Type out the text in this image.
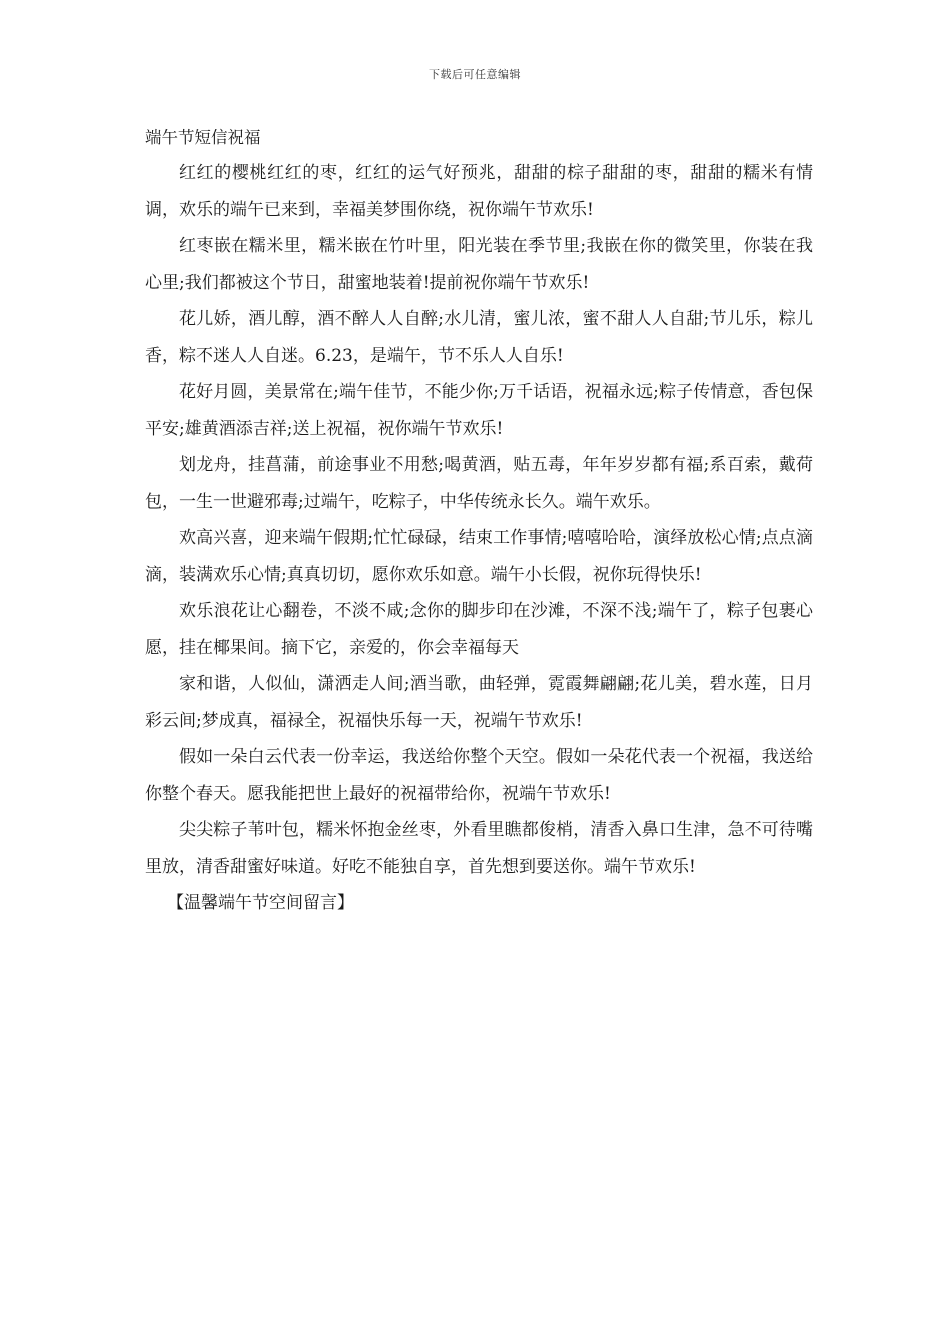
下载后可任意编辑
端午节短信祝福

红红的樱桃红红的枣，红红的运气好预兆，甜甜的棕子甜甜的枣，甜甜的糯米有情调，欢乐的端午已来到，幸福美梦围你绕，祝你端午节欢乐!

红枣嵌在糯米里，糯米嵌在竹叶里，阳光装在季节里;我嵌在你的微笑里，你装在我心里;我们都被这个节日，甜蜜地装着!提前祝你端午节欢乐!

花儿娇，酒儿醇，酒不醉人人自醉;水儿清，蜜儿浓，蜜不甜人人自甜;节儿乐，粽儿香，粽不迷人人自迷。6.23，是端午，节不乐人人自乐!

花好月圆，美景常在;端午佳节，不能少你;万千话语，祝福永远;粽子传情意，香包保平安;雄黄酒添吉祥;送上祝福，祝你端午节欢乐!

划龙舟，挂菖蒲，前途事业不用愁;喝黄酒，贴五毒，年年岁岁都有福;系百索，戴荷包，一生一世避邪毒;过端午，吃粽子，中华传统永长久。端午欢乐。

欢高兴喜，迎来端午假期;忙忙碌碌，结束工作事情;嘻嘻哈哈，演绎放松心情;点点滴滴，装满欢乐心情;真真切切，愿你欢乐如意。端午小长假，祝你玩得快乐!

欢乐浪花让心翻卷，不淡不咸;念你的脚步印在沙滩，不深不浅;端午了，粽子包裹心愿，挂在椰果间。摘下它，亲爱的，你会幸福每天

家和谐，人似仙，潇洒走人间;酒当歌，曲轻弹，霓霞舞翩翩;花儿美，碧水莲，日月彩云间;梦成真，福禄全，祝福快乐每一天，祝端午节欢乐!

假如一朵白云代表一份幸运，我送给你整个天空。假如一朵花代表一个祝福，我送给你整个春天。愿我能把世上最好的祝福带给你，祝端午节欢乐!

尖尖粽子苇叶包，糯米怀抱金丝枣，外看里瞧都俊梢，清香入鼻口生津，急不可待嘴里放，清香甜蜜好味道。好吃不能独自享，首先想到要送你。端午节欢乐!

【温馨端午节空间留言】
